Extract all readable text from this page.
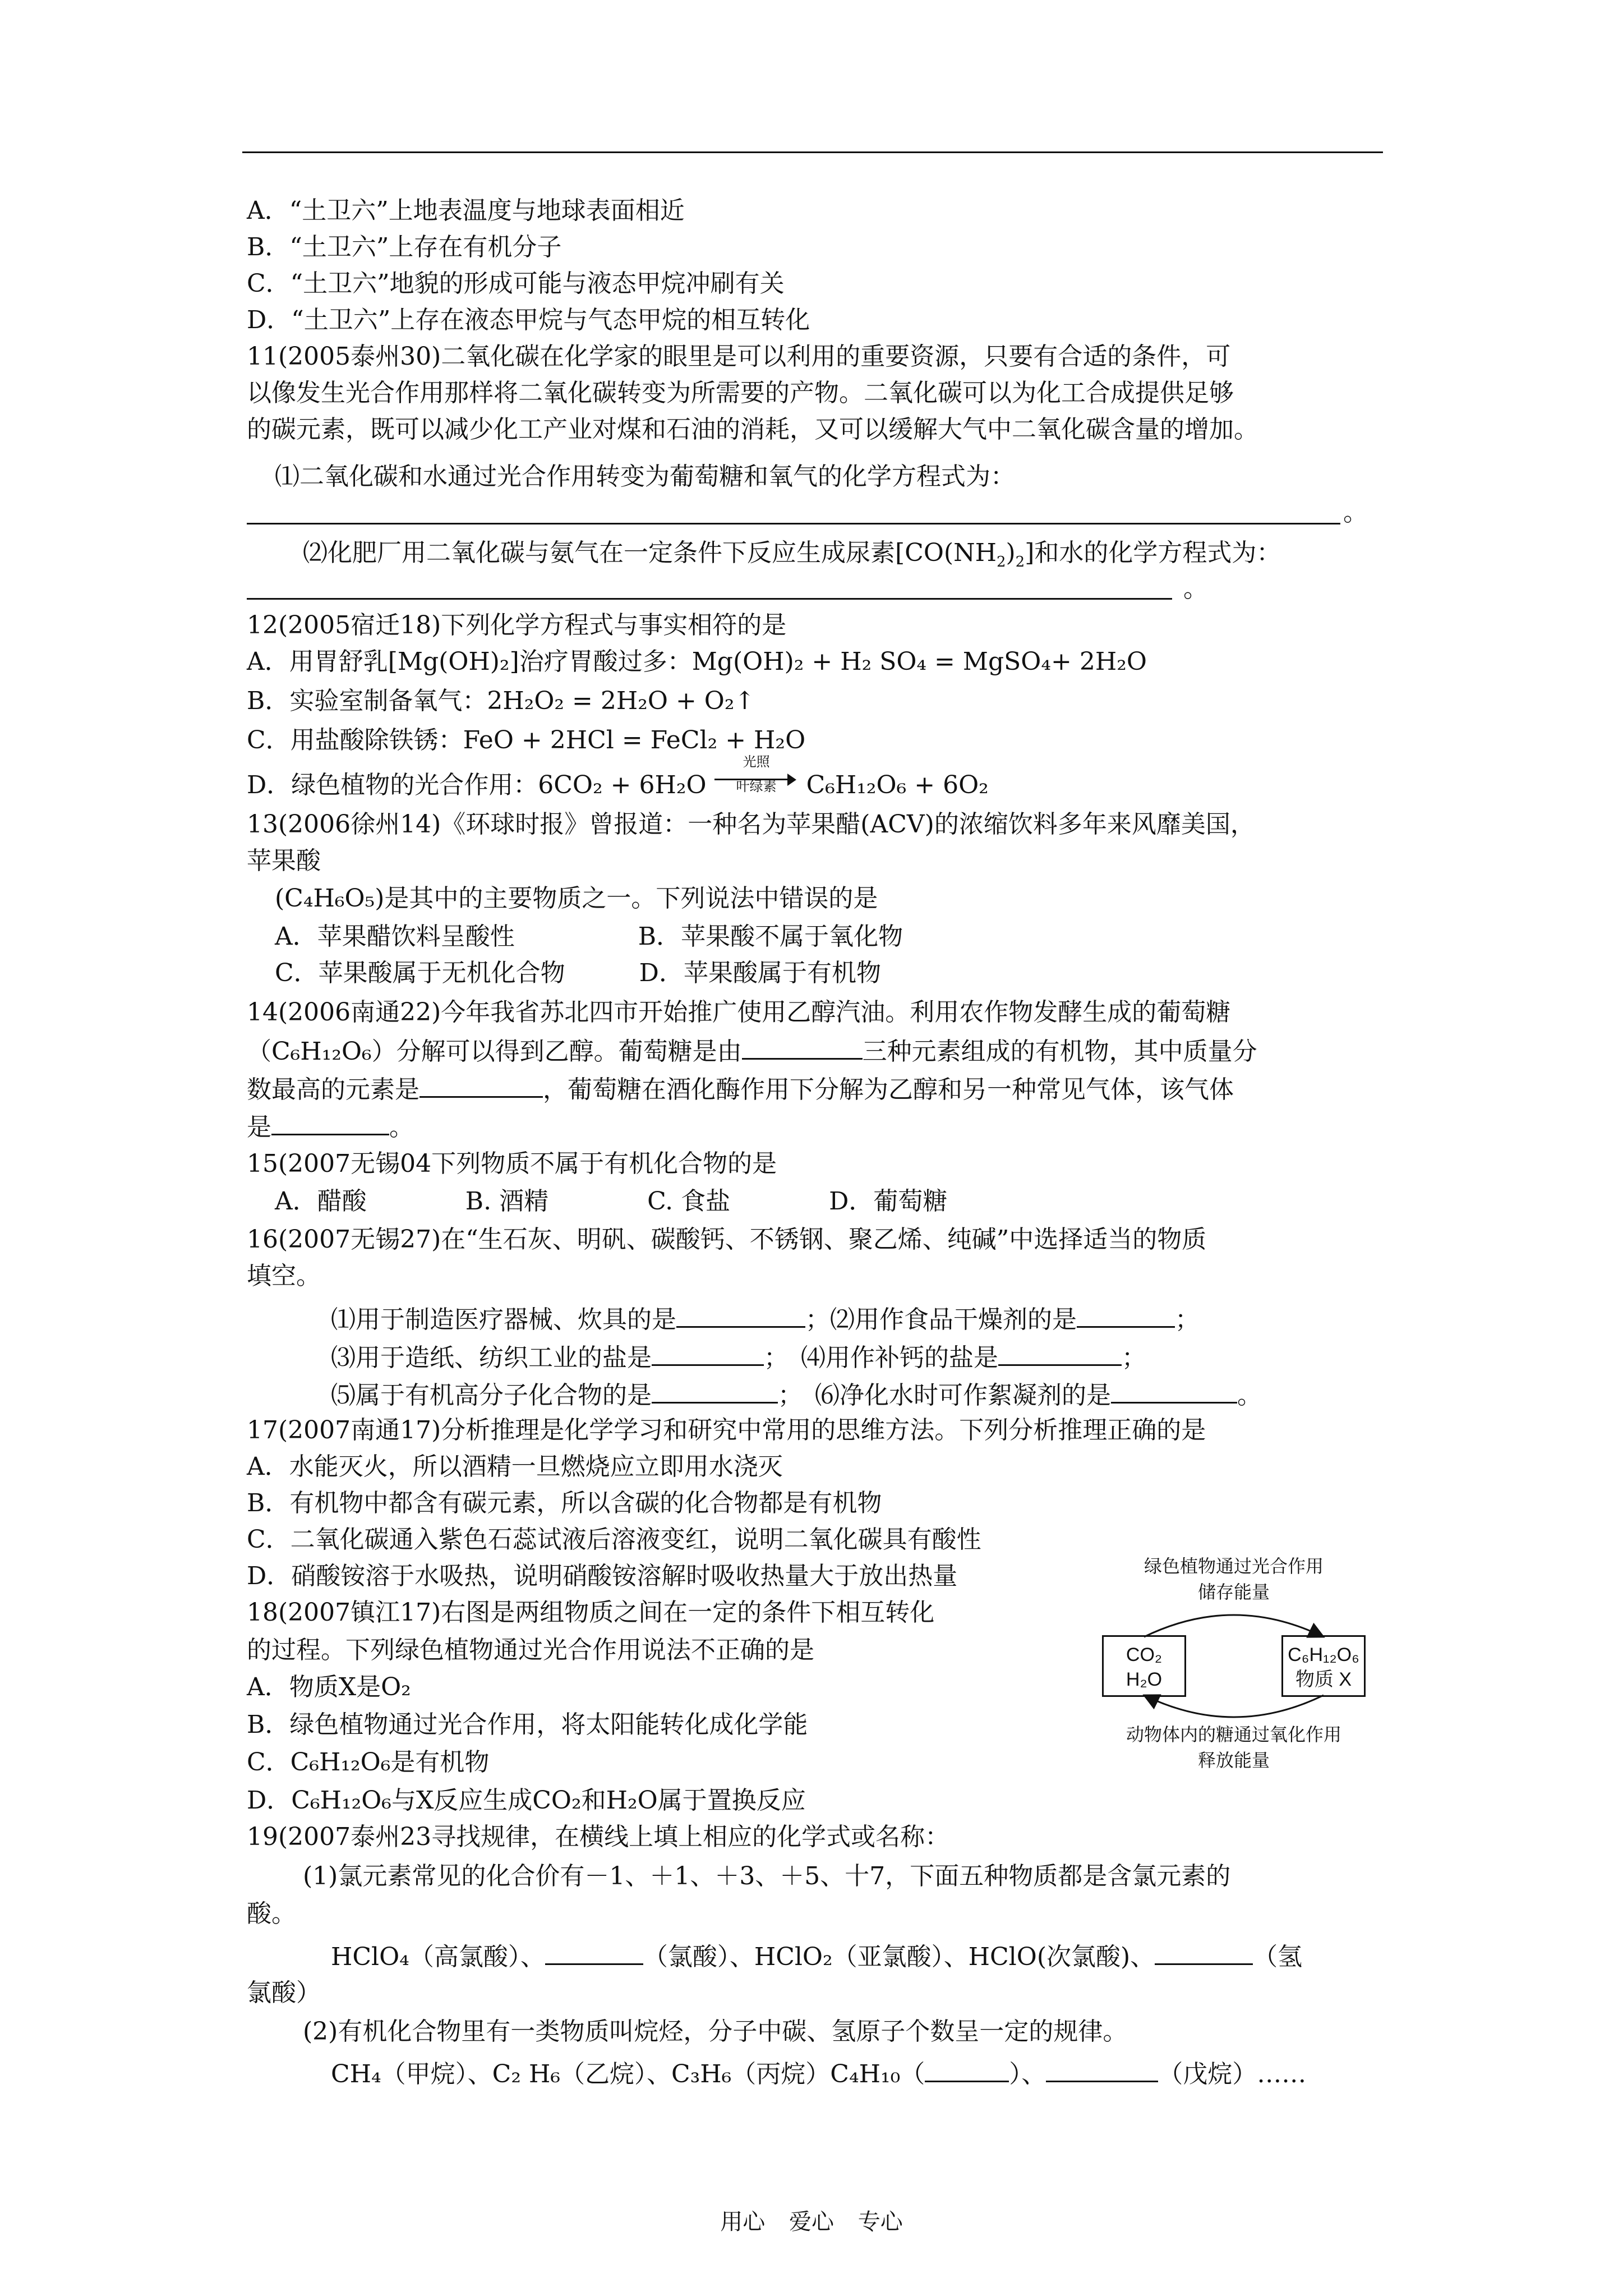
A．“土卫六”上地表温度与地球表面相近
B．“土卫六”上存在有机分子
C．“土卫六”地貌的形成可能与液态甲烷冲刷有关
D．“土卫六”上存在液态甲烷与气态甲烷的相互转化
11(2005泰州30)二氧化碳在化学家的眼里是可以利用的重要资源，只要有合适的条件，可
以像发生光合作用那样将二氧化碳转变为所需要的产物。二氧化碳可以为化工合成提供足够
的碳元素，既可以减少化工产业对煤和石油的消耗，又可以缓解大气中二氧化碳含量的增加。
⑴二氧化碳和水通过光合作用转变为葡萄糖和氧气的化学方程式为：
。
⑵化肥厂用二氧化碳与氨气在一定条件下反应生成尿素$[CO(NH_2)_2]$和水的化学方程式为：
。
12(2005宿迁18)下列化学方程式与事实相符的是
A．用胃舒乳[Mg(OH)₂]治疗胃酸过多：Mg(OH)₂ + H₂ SO₄ = MgSO₄+ 2H₂O
B．实验室制备氧气：2H₂O₂ = 2H₂O + O₂↑
C．用盐酸除铁锈：FeO + 2HCl = FeCl₂ + H₂O
D．绿色植物的光合作用：6CO₂ + 6H₂O
光照
叶绿素	C₆H₁₂O₆ + 6O₂
13(2006徐州14)《环球时报》曾报道：一种名为苹果醋(ACV)的浓缩饮料多年来风靡美国，
苹果酸
(C₄H₆O₅)是其中的主要物质之一。下列说法中错误的是
A．苹果醋饮料呈酸性　　　　　B．苹果酸不属于氧化物
C．苹果酸属于无机化合物　　　D．苹果酸属于有机物
14(2006南通22)今年我省苏北四市开始推广使用乙醇汽油。利用农作物发酵生成的葡萄糖
（C₆H₁₂O₆）分解可以得到乙醇。葡萄糖是由	三种元素组成的有机物，其中质量分
数最高的元素是	，葡萄糖在酒化酶作用下分解为乙醇和另一种常见气体，该气体
是	。
15(2007无锡04下列物质不属于有机化合物的是
A．醋酸　　　　B. 酒精　　　　C. 食盐　　　　D．葡萄糖
16(2007无锡27)在“生石灰、明矾、碳酸钙、不锈钢、聚乙烯、纯碱”中选择适当的物质
填空。
⑴用于制造医疗器械、炊具的是	；⑵用作食品干燥剂的是	；
⑶用于造纸、纺织工业的盐是	；　⑷用作补钙的盐是	；
⑸属于有机高分子化合物的是	；　⑹净化水时可作絮凝剂的是	。
17(2007南通17)分析推理是化学学习和研究中常用的思维方法。下列分析推理正确的是
A．水能灭火，所以酒精一旦燃烧应立即用水浇灭
B．有机物中都含有碳元素，所以含碳的化合物都是有机物
C．二氧化碳通入紫色石蕊试液后溶液变红，说明二氧化碳具有酸性
D．硝酸铵溶于水吸热，说明硝酸铵溶解时吸收热量大于放出热量
18(2007镇江17)右图是两组物质之间在一定的条件下相互转化
的过程。下列绿色植物通过光合作用说法不正确的是
A．物质X是O₂
B．绿色植物通过光合作用，将太阳能转化成化学能
C．C₆H₁₂O₆是有机物
D．C₆H₁₂O₆与X反应生成CO₂和H₂O属于置换反应
绿色植物通过光合作用
储存能量
CO₂
H₂O
C₆H₁₂O₆
物质 X
动物体内的糖通过氧化作用
释放能量
19(2007泰州23寻找规律，在横线上填上相应的化学式或名称：
(1)氯元素常见的化合价有－1、＋1、＋3、＋5、十7，下面五种物质都是含氯元素的
酸。
HClO₄（高氯酸）、	（氯酸）、HClO₂（亚氯酸）、HClO(次氯酸)、	（氢
氯酸）
(2)有机化合物里有一类物质叫烷烃，分子中碳、氢原子个数呈一定的规律。
CH₄（甲烷）、C₂ H₆（乙烷）、C₃H₆（丙烷）C₄H₁₀（	）、	（戊烷）……
用心 爱心 专心
